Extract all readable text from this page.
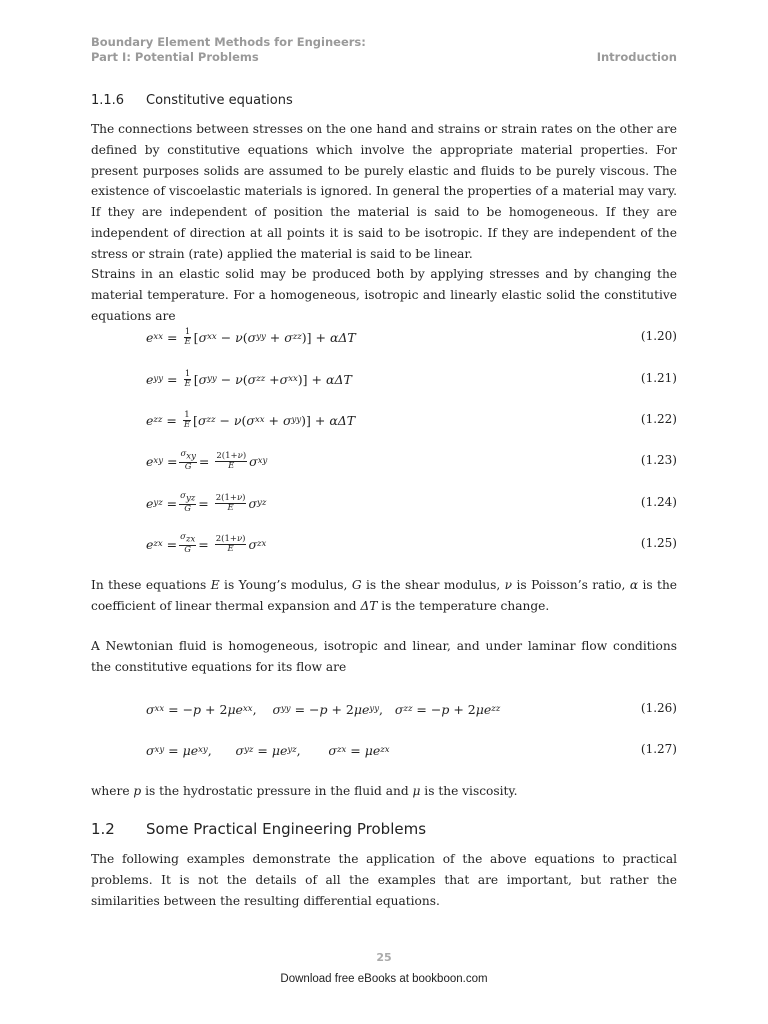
Boundary Element Methods for Engineers:
Part I: Potential Problems	Introduction
1.1.6 Constitutive equations
The connections between stresses on the one hand and strains or strain rates on the other are defined by constitutive equations which involve the appropriate material properties. For present purposes solids are assumed to be purely elastic and fluids to be purely viscous. The existence of viscoelastic materials is ignored. In general the properties of a material may vary. If they are independent of position the material is said to be homogeneous. If they are independent of direction at all points it is said to be isotropic. If they are independent of the stress or strain (rate) applied the material is said to be linear.
Strains in an elastic solid may be produced both by applying stresses and by changing the material temperature. For a homogeneous, isotropic and linearly elastic solid the constitutive equations are
e xx
=
$\frac{1}{E}$ [ σ xx
− ν ( σ yy
+ σ zz )]
+ αΔT	(1.20)
e yy
=
$\frac{1}{E}$ [ σ yy
− ν ( σ zz
+ σ xx )]
+ αΔT	(1.21)
e zz
=
$\frac{1}{E}$ [ σ zz
− ν ( σ xx
+ σ yy )]
+ αΔT	(1.22)
e xy
= $\frac{\sigma_{xy}}{G}$ =
$\frac{2(1+\nu)}{E}$ σ xy	(1.23)
e yz
= $\frac{\sigma_{yz}}{G}$ =
$\frac{2(1+\nu)}{E}$ σ yz	(1.24)
e zx
= $\frac{\sigma_{zx}}{G}$ =
$\frac{2(1+\nu)}{E}$ σ zx	(1.25)
In these equations E is Young’s modulus, G is the shear modulus, ν is Poisson’s ratio, α is the coefficient of linear thermal expansion and ΔT is the temperature change.
A Newtonian fluid is homogeneous, isotropic and linear, and under laminar flow conditions the constitutive equations for its flow are
σ xx
= − p + 2 μe xx , σ yy
= − p + 2 μe yy , σ zz
= − p + 2 μe zz	(1.26)
σ xy
= μe xy , σ yz
= μe yz , σ zx
= μe zx	(1.27)
where p is the hydrostatic pressure in the fluid and μ is the viscosity.
1.2 Some Practical Engineering Problems
The following examples demonstrate the application of the above equations to practical problems. It is not the details of all the examples that are important, but rather the similarities between the resulting differential equations.
25
Download free eBooks at bookboon.com
